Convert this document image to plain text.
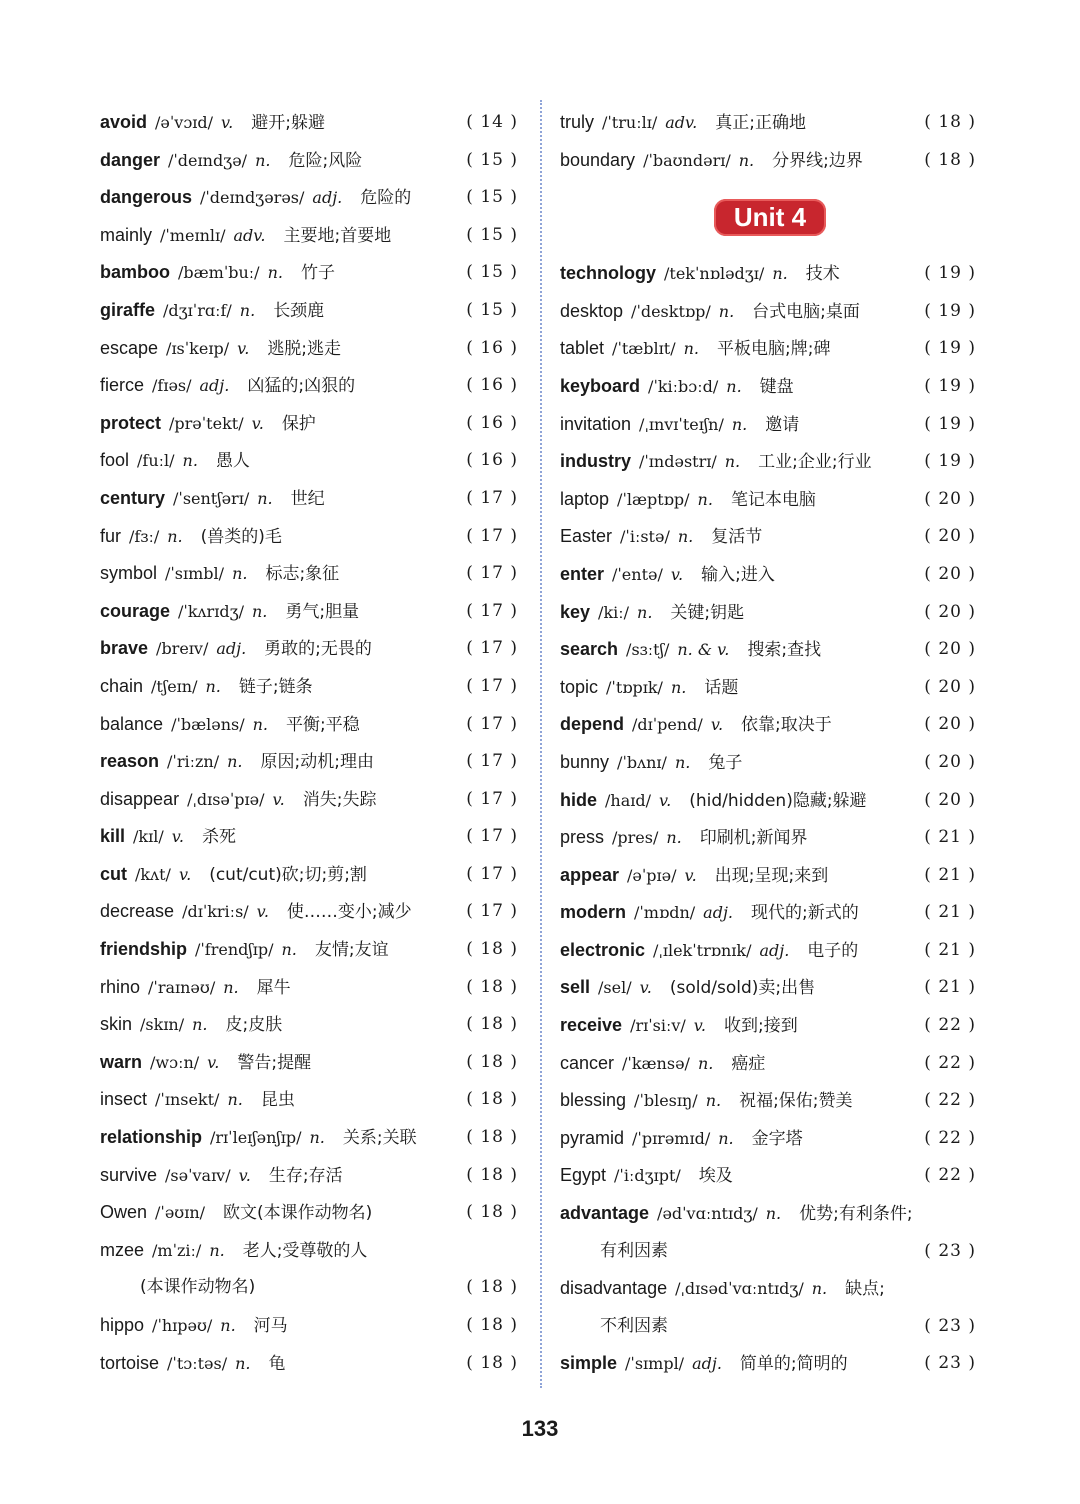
avoid /əˈvɔɪd/ v. 避开;躲避	( 14 )
danger /ˈdeɪndʒə/ n. 危险;风险	( 15 )
dangerous /ˈdeɪndʒərəs/ adj. 危险的	( 15 )
mainly /ˈmeɪnlɪ/ adv. 主要地;首要地	( 15 )
bamboo /bæmˈbuː/ n. 竹子	( 15 )
giraffe /dʒɪˈrɑːf/ n. 长颈鹿	( 15 )
escape /ɪsˈkeɪp/ v. 逃脱;逃走	( 16 )
fierce /fɪəs/ adj. 凶猛的;凶狠的	( 16 )
protect /prəˈtekt/ v. 保护	( 16 )
fool /fuːl/ n. 愚人	( 16 )
century /ˈsentʃərɪ/ n. 世纪	( 17 )
fur /fɜː/ n. (兽类的)毛	( 17 )
symbol /ˈsɪmbl/ n. 标志;象征	( 17 )
courage /ˈkʌrɪdʒ/ n. 勇气;胆量	( 17 )
brave /breɪv/ adj. 勇敢的;无畏的	( 17 )
chain /tʃeɪn/ n. 链子;链条	( 17 )
balance /ˈbæləns/ n. 平衡;平稳	( 17 )
reason /ˈriːzn/ n. 原因;动机;理由	( 17 )
disappear /ˌdɪsəˈpɪə/ v. 消失;失踪	( 17 )
kill /kɪl/ v. 杀死	( 17 )
cut /kʌt/ v. (cut/cut)砍;切;剪;割	( 17 )
decrease /dɪˈkriːs/ v. 使……变小;减少	( 17 )
friendship /ˈfrendʃɪp/ n. 友情;友谊	( 18 )
rhino /ˈraɪnəʊ/ n. 犀牛	( 18 )
skin /skɪn/ n. 皮;皮肤	( 18 )
warn /wɔːn/ v. 警告;提醒	( 18 )
insect /ˈɪnsekt/ n. 昆虫	( 18 )
relationship /rɪˈleɪʃənʃɪp/ n. 关系;关联	( 18 )
survive /səˈvaɪv/ v. 生存;存活	( 18 )
Owen /ˈəʊɪn/ 欧文(本课作动物名)	( 18 )
mzee /mˈziː/ n. 老人;受尊敬的人
(本课作动物名)	( 18 )
hippo /ˈhɪpəʊ/ n. 河马	( 18 )
tortoise /ˈtɔːtəs/ n. 龟	( 18 )
truly /ˈtruːlɪ/ adv. 真正;正确地	( 18 )
boundary /ˈbaʊndərɪ/ n. 分界线;边界	( 18 )
Unit 4
technology /tekˈnɒlədʒɪ/ n. 技术	( 19 )
desktop /ˈdesktɒp/ n. 台式电脑;桌面	( 19 )
tablet /ˈtæblɪt/ n. 平板电脑;牌;碑	( 19 )
keyboard /ˈkiːbɔːd/ n. 键盘	( 19 )
invitation /ˌɪnvɪˈteɪʃn/ n. 邀请	( 19 )
industry /ˈɪndəstrɪ/ n. 工业;企业;行业	( 19 )
laptop /ˈlæptɒp/ n. 笔记本电脑	( 20 )
Easter /ˈiːstə/ n. 复活节	( 20 )
enter /ˈentə/ v. 输入;进入	( 20 )
key /kiː/ n. 关键;钥匙	( 20 )
search /sɜːtʃ/ n. & v. 搜索;查找	( 20 )
topic /ˈtɒpɪk/ n. 话题	( 20 )
depend /dɪˈpend/ v. 依靠;取决于	( 20 )
bunny /ˈbʌnɪ/ n. 兔子	( 20 )
hide /haɪd/ v. (hid/hidden)隐藏;躲避	( 20 )
press /pres/ n. 印刷机;新闻界	( 21 )
appear /əˈpɪə/ v. 出现;呈现;来到	( 21 )
modern /ˈmɒdn/ adj. 现代的;新式的	( 21 )
electronic /ˌɪlekˈtrɒnɪk/ adj. 电子的	( 21 )
sell /sel/ v. (sold/sold)卖;出售	( 21 )
receive /rɪˈsiːv/ v. 收到;接到	( 22 )
cancer /ˈkænsə/ n. 癌症	( 22 )
blessing /ˈblesɪŋ/ n. 祝福;保佑;赞美	( 22 )
pyramid /ˈpɪrəmɪd/ n. 金字塔	( 22 )
Egypt /ˈiːdʒɪpt/ 埃及	( 22 )
advantage /ədˈvɑːntɪdʒ/ n. 优势;有利条件;
有利因素	( 23 )
disadvantage /ˌdɪsədˈvɑːntɪdʒ/ n. 缺点;
不利因素	( 23 )
simple /ˈsɪmpl/ adj. 简单的;简明的	( 23 )
133
